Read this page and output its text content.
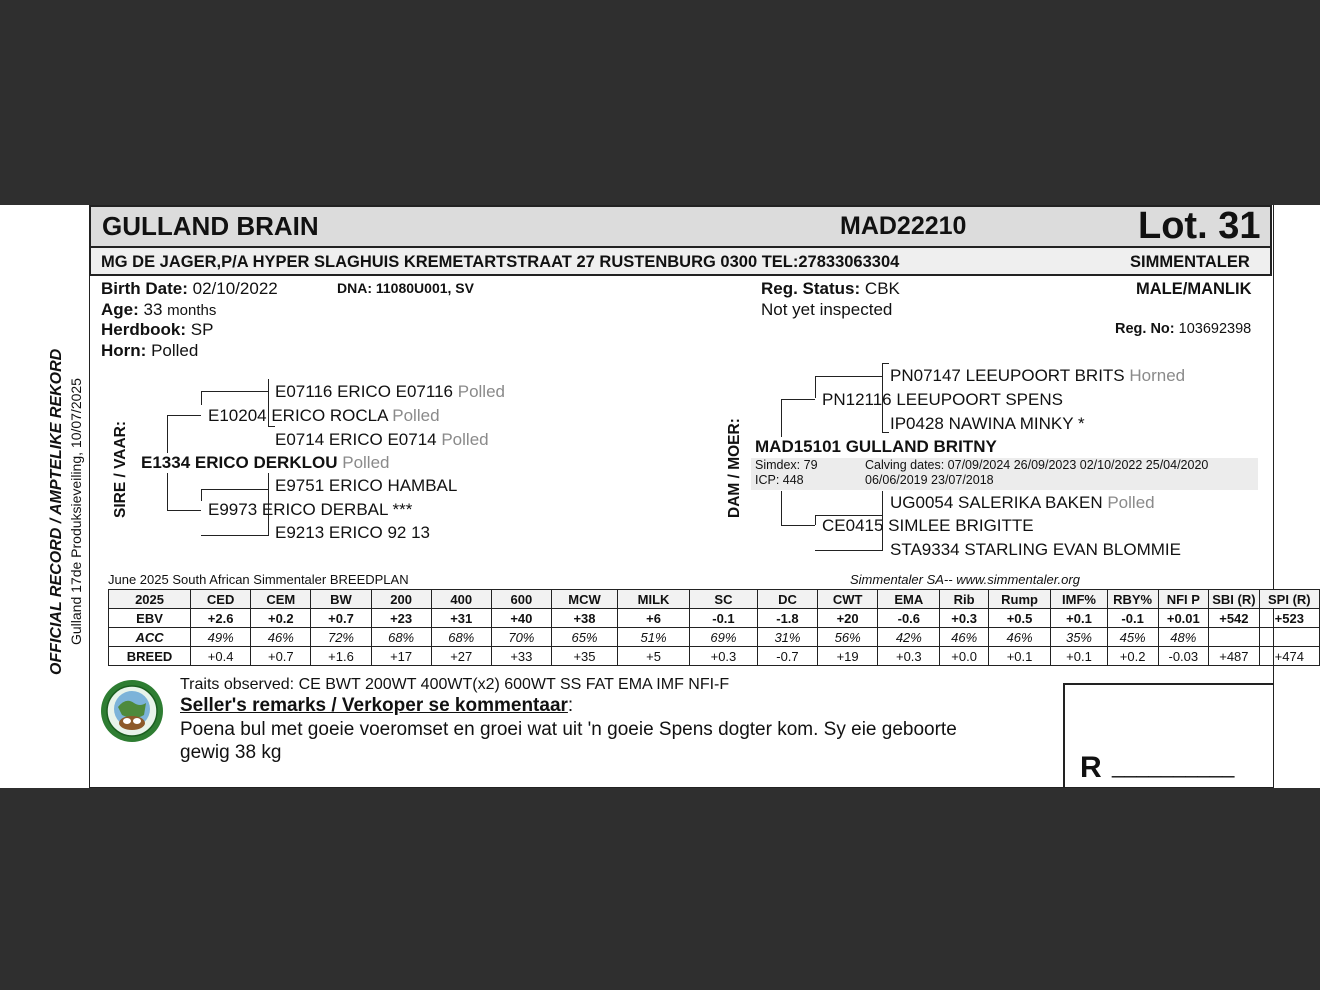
GULLAND BRAIN	MAD22210	Lot. 31
MG DE JAGER,P/A HYPER SLAGHUIS KREMETARTSTRAAT 27 RUSTENBURG 0300 TEL:27833063304	SIMMENTALER
Birth Date: 02/10/2022	DNA: 11080U001, SV
Age: 33 months
Herdbook: SP
Horn: Polled
Reg. Status: CBK
Not yet inspected
MALE/MANLIK
Reg. No: 103692398
OFFICIAL RECORD / AMPTELIKE REKORD Gulland 17de Produksieveiling, 10/07/2025 SIRE / VAAR:
E07116 ERICO E07116 Polled
E10204 ERICO ROCLA Polled
E0714 ERICO E0714 Polled
E1334 ERICO DERKLOU Polled
E9751 ERICO HAMBAL
E9973 ERICO DERBAL ***
E9213 ERICO 92 13
DAM / MOER:
PN07147 LEEUPOORT BRITS Horned
PN12116 LEEUPOORT SPENS
IP0428 NAWINA MINKY *
MAD15101 GULLAND BRITNY
Simdex: 79
ICP: 448
Calving dates: 07/09/2024 26/09/2023 02/10/2022 25/04/2020
06/06/2019 23/07/2018
UG0054 SALERIKA BAKEN Polled
CE0415 SIMLEE BRIGITTE
STA9334 STARLING EVAN BLOMMIE
June 2025 South African Simmentaler BREEDPLAN	Simmentaler SA-- www.simmentaler.org
2025	CED	CEM	BW	200	400	600	MCW	MILK	SC	DC	CWT	EMA	Rib	Rump	IMF%	RBY%	NFI P	SBI (R)	SPI (R)
EBV	+2.6	+0.2	+0.7	+23	+31	+40	+38	+6	-0.1	-1.8	+20	-0.6	+0.3	+0.5	+0.1	-0.1	+0.01	+542	+523
ACC	49%	46%	72%	68%	68%	70%	65%	51%	69%	31%	56%	42%	46%	46%	35%	45%	48%		
BREED	+0.4	+0.7	+1.6	+17	+27	+33	+35	+5	+0.3	-0.7	+19	+0.3	+0.0	+0.1	+0.1	+0.2	-0.03	+487	+474
Traits observed: CE BWT 200WT 400WT(x2) 600WT SS FAT EMA IMF NFI-F
Seller's remarks / Verkoper se kommentaar:
Poena bul met goeie voeromset en groei wat uit 'n goeie Spens dogter kom. Sy eie geboorte
gewig 38 kg	R __________
